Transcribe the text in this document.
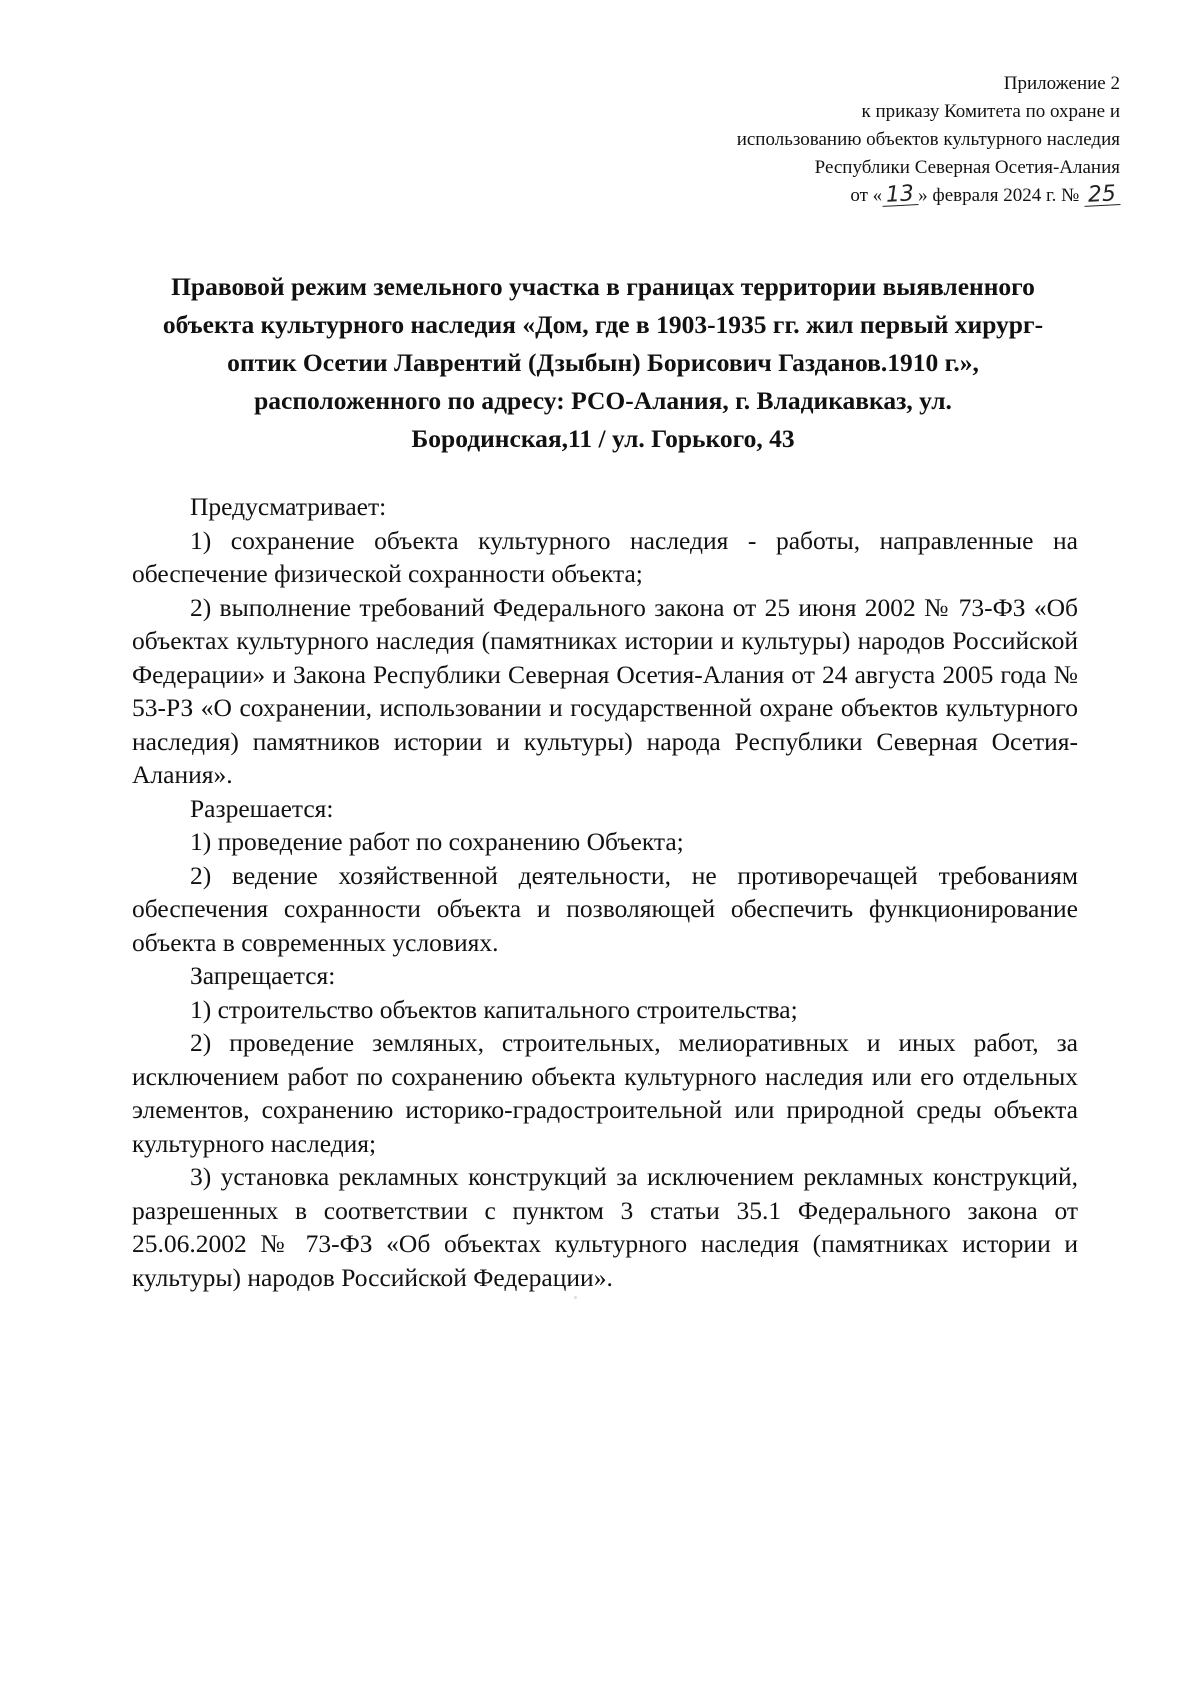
Приложение 2
к приказу Комитета по охране и
использованию объектов культурного наследия
Республики Северная Осетия-Алания
от « 13 » февраля 2024 г. № 25
Правовой режим земельного участка в границах территории выявленного
объекта культурного наследия «Дом, где в 1903-1935 гг. жил первый хирург-
оптик Осетии Лаврентий (Дзыбын) Борисович Газданов.1910 г.»,
расположенного по адресу: РСО-Алания, г. Владикавказ, ул.
Бородинская,11 / ул. Горького, 43

Предусматривает:

1) сохранение объекта культурного наследия - работы, направленные на обеспечение физической сохранности объекта;

2) выполнение требований Федерального закона от 25 июня 2002 № 73-ФЗ «Об объектах культурного наследия (памятниках истории и культуры) народов Российской Федерации» и Закона Республики Северная Осетия-Алания от 24 августа 2005 года № 53-РЗ «О сохранении, использовании и государственной охране объектов культурного наследия) памятников истории и культуры) народа Республики Северная Осетия-Алания».

Разрешается:

1) проведение работ по сохранению Объекта;

2) ведение хозяйственной деятельности, не противоречащей требованиям обеспечения сохранности объекта и позволяющей обеспечить функционирование объекта в современных условиях.

Запрещается:

1) строительство объектов капитального строительства;

2) проведение земляных, строительных, мелиоративных и иных работ, за исключением работ по сохранению объекта культурного наследия или его отдельных элементов, сохранению историко-градостроительной или природной среды объекта культурного наследия;

3) установка рекламных конструкций за исключением рекламных конструкций, разрешенных в соответствии с пунктом 3 статьи 35.1 Федерального закона от 25.06.2002 № 73-ФЗ «Об объектах культурного наследия (памятниках истории и культуры) народов Российской Федерации».
